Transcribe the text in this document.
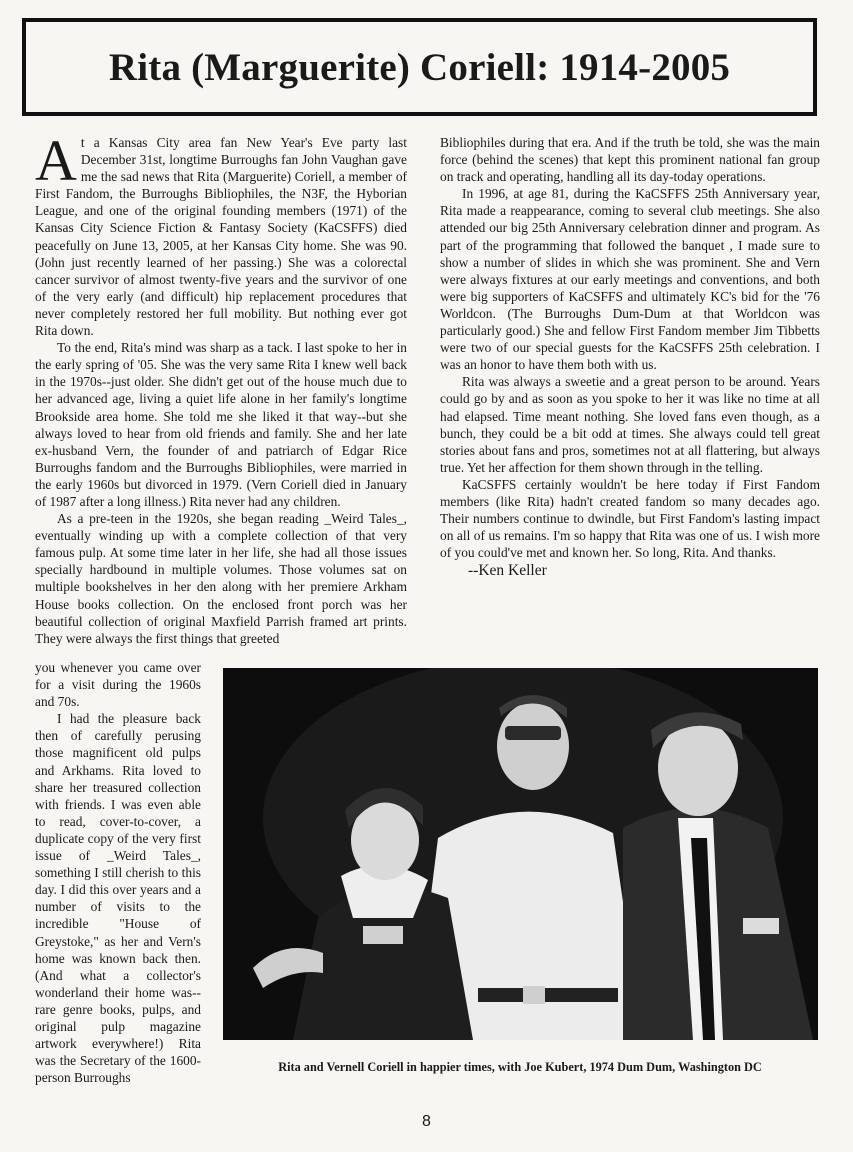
Rita (Marguerite) Coriell: 1914-2005

At a Kansas City area fan New Year's Eve party last December 31st, longtime Burroughs fan John Vaughan gave me the sad news that Rita (Marguerite) Coriell, a member of First Fandom, the Burroughs Bibliophiles, the N3F, the Hyborian League, and one of the original founding members (1971) of the Kansas City Science Fiction & Fantasy Society (KaCSFFS) died peacefully on June 13, 2005, at her Kansas City home. She was 90. (John just recently learned of her passing.) She was a colorectal cancer survivor of almost twenty-five years and the survivor of one of the very early (and difficult) hip replacement procedures that never completely restored her full mobility. But nothing ever got Rita down.

To the end, Rita's mind was sharp as a tack. I last spoke to her in the early spring of '05. She was the very same Rita I knew well back in the 1970s--just older. She didn't get out of the house much due to her advanced age, living a quiet life alone in her family's longtime Brookside area home. She told me she liked it that way--but she always loved to hear from old friends and family. She and her late ex-husband Vern, the founder of and patriarch of Edgar Rice Burroughs fandom and the Burroughs Bibliophiles, were married in the early 1960s but divorced in 1979. (Vern Coriell died in January of 1987 after a long illness.) Rita never had any children.

As a pre-teen in the 1920s, she began reading _Weird Tales_, eventually winding up with a complete collection of that very famous pulp. At some time later in her life, she had all those issues specially hardbound in multiple volumes. Those volumes sat on multiple bookshelves in her den along with her premiere Arkham House books collection. On the enclosed front porch was her beautiful collection of original Maxfield Parrish framed art prints. They were always the first things that greeted

you whenever you came over for a visit during the 1960s and 70s.

I had the pleasure back then of carefully perusing those magnificent old pulps and Arkhams. Rita loved to share her treasured collection with friends. I was even able to read, cover-to-cover, a duplicate copy of the very first issue of _Weird Tales_, something I still cherish to this day. I did this over years and a number of visits to the incredible "House of Greystoke," as her and Vern's home was known back then. (And what a collector's wonderland their home was--rare genre books, pulps, and original pulp magazine artwork everywhere!) Rita was the Secretary of the 1600-person Burroughs

Bibliophiles during that era. And if the truth be told, she was the main force (behind the scenes) that kept this prominent national fan group on track and operating, handling all its day-today operations.

In 1996, at age 81, during the KaCSFFS 25th Anniversary year, Rita made a reappearance, coming to several club meetings. She also attended our big 25th Anniversary celebration dinner and program. As part of the programming that followed the banquet , I made sure to show a number of slides in which she was prominent. She and Vern were always fixtures at our early meetings and conventions, and both were big supporters of KaCSFFS and ultimately KC's bid for the '76 Worldcon. (The Burroughs Dum-Dum at that Worldcon was particularly good.) She and fellow First Fandom member Jim Tibbetts were two of our special guests for the KaCSFFS 25th celebration. I was an honor to have them both with us.

Rita was always a sweetie and a great person to be around. Years could go by and as soon as you spoke to her it was like no time at all had elapsed. Time meant nothing. She loved fans even though, as a bunch, they could be a bit odd at times. She always could tell great stories about fans and pros, sometimes not at all flattering, but always true. Yet her affection for them shown through in the telling.

KaCSFFS certainly wouldn't be here today if First Fandom members (like Rita) hadn't created fandom so many decades ago. Their numbers continue to dwindle, but First Fandom's lasting impact on all of us remains. I'm so happy that Rita was one of us. I wish more of you could've met and known her. So long, Rita. And thanks.

--Ken Keller

Rita and Vernell Coriell in happier times, with Joe Kubert, 1974 Dum Dum, Washington DC
8
